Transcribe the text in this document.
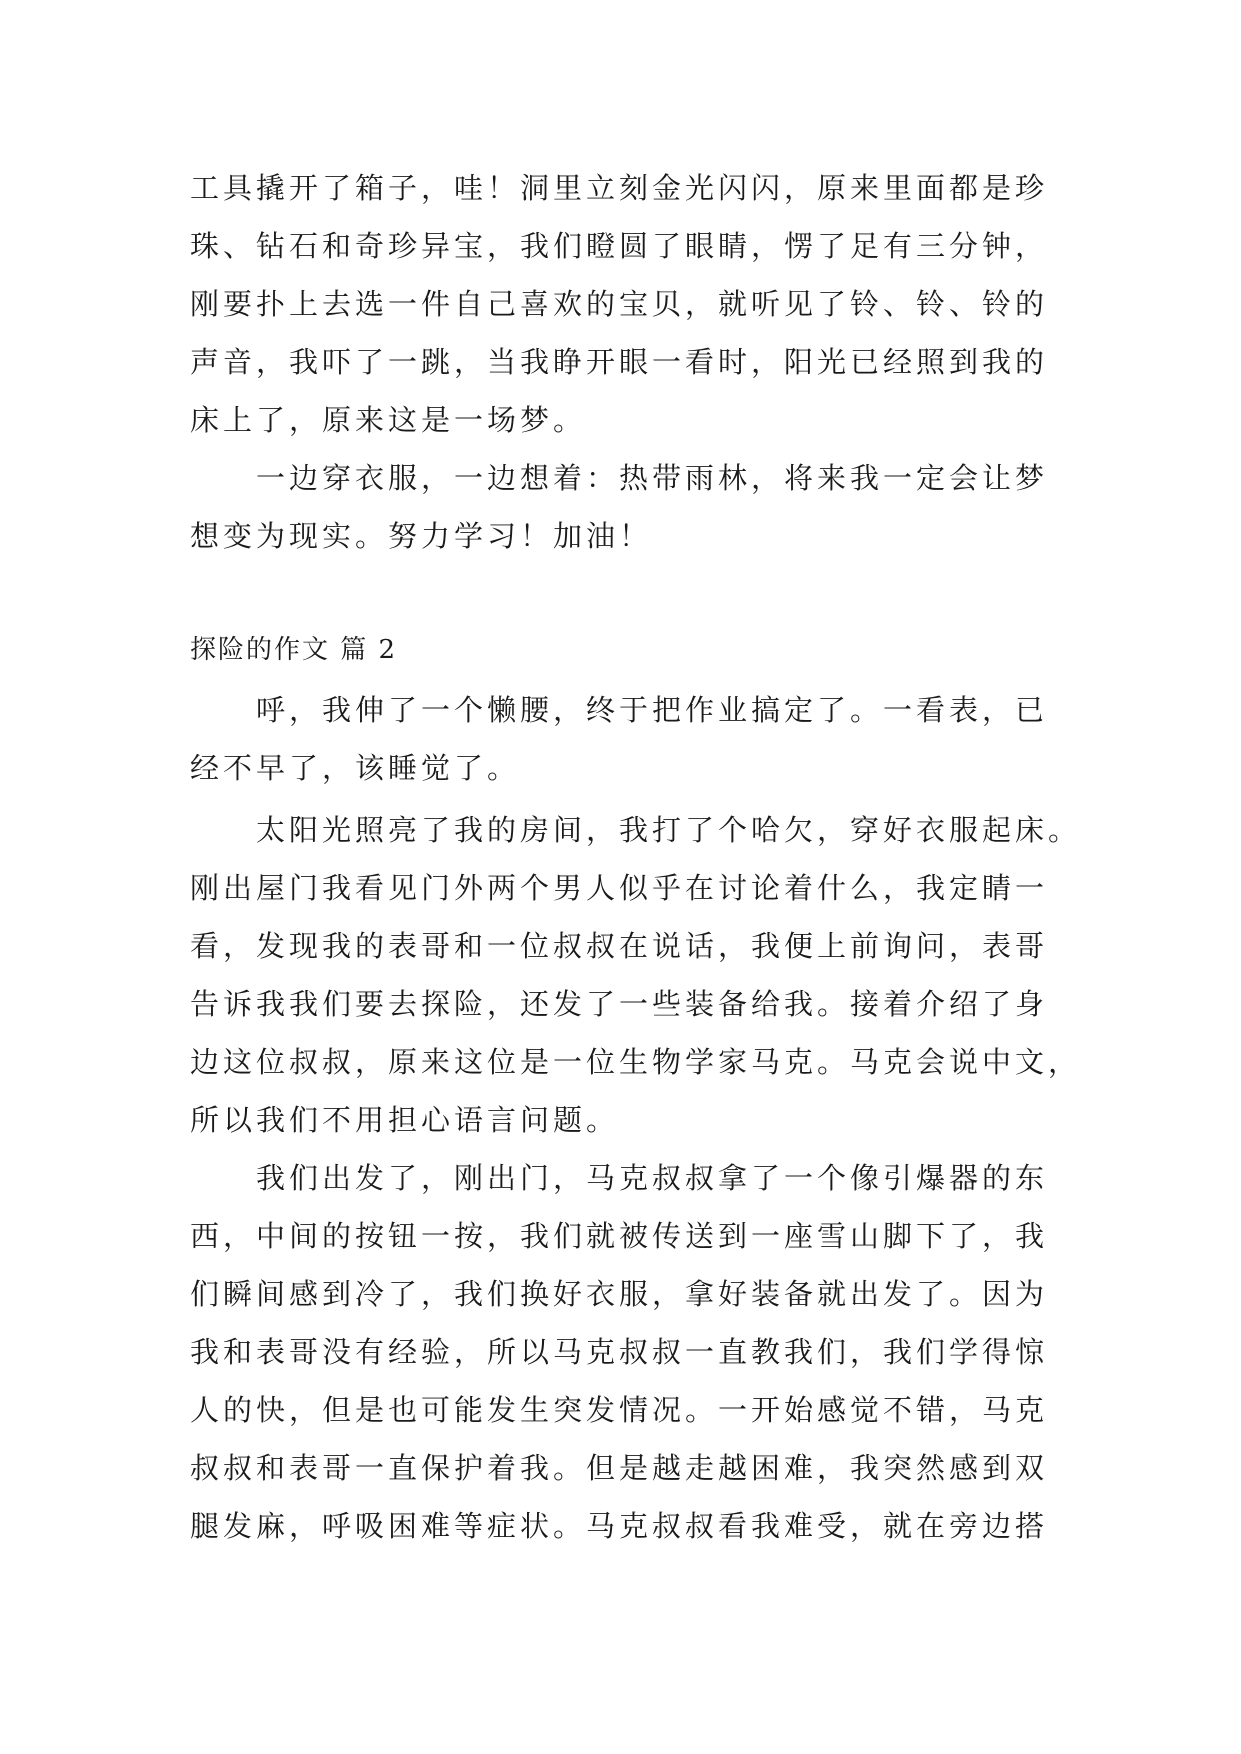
工具撬开了箱子，哇！洞里立刻金光闪闪，原来里面都是珍
珠、钻石和奇珍异宝，我们瞪圆了眼睛，愣了足有三分钟，
刚要扑上去选一件自己喜欢的宝贝，就听见了铃、铃、铃的
声音，我吓了一跳，当我睁开眼一看时，阳光已经照到我的
床上了，原来这是一场梦。
一边穿衣服，一边想着：热带雨林，将来我一定会让梦
想变为现实。努力学习！加油！
探险的作文 篇 2
呼，我伸了一个懒腰，终于把作业搞定了。一看表，已
经不早了，该睡觉了。
太阳光照亮了我的房间，我打了个哈欠，穿好衣服起床。
刚出屋门我看见门外两个男人似乎在讨论着什么，我定睛一
看，发现我的表哥和一位叔叔在说话，我便上前询问，表哥
告诉我我们要去探险，还发了一些装备给我。接着介绍了身
边这位叔叔，原来这位是一位生物学家马克。马克会说中文，
所以我们不用担心语言问题。
我们出发了，刚出门，马克叔叔拿了一个像引爆器的东
西，中间的按钮一按，我们就被传送到一座雪山脚下了，我
们瞬间感到冷了，我们换好衣服，拿好装备就出发了。因为
我和表哥没有经验，所以马克叔叔一直教我们，我们学得惊
人的快，但是也可能发生突发情况。一开始感觉不错，马克
叔叔和表哥一直保护着我。但是越走越困难，我突然感到双
腿发麻，呼吸困难等症状。马克叔叔看我难受，就在旁边搭
